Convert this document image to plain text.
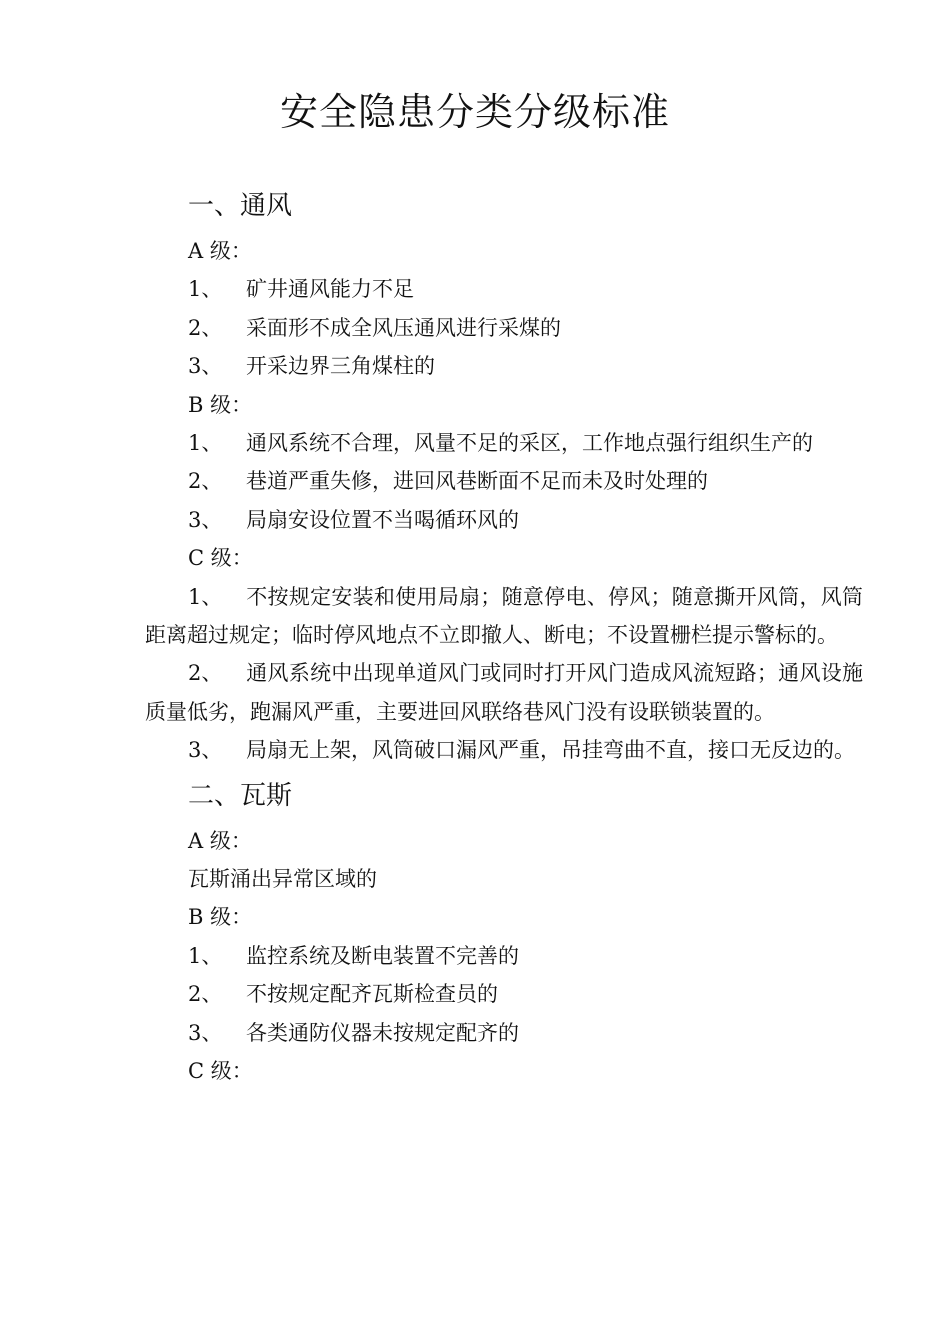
安全隐患分类分级标准
一、通风
A 级：
1、 矿井通风能力不足
2、 采面形不成全风压通风进行采煤的
3、 开采边界三角煤柱的
B 级：
1、 通风系统不合理，风量不足的采区，工作地点强行组织生产的
2、 巷道严重失修，进回风巷断面不足而未及时处理的
3、 局扇安设位置不当喝循环风的
C 级：
1、 不按规定安装和使用局扇；随意停电、停风；随意撕开风筒，风筒距离超过规定；临时停风地点不立即撤人、断电；不设置栅栏提示警标的。
2、 通风系统中出现单道风门或同时打开风门造成风流短路；通风设施质量低劣，跑漏风严重，主要进回风联络巷风门没有设联锁装置的。
3、 局扇无上架，风筒破口漏风严重，吊挂弯曲不直，接口无反边的。
二、瓦斯
A 级：
瓦斯涌出异常区域的
B 级：
1、 监控系统及断电装置不完善的
2、 不按规定配齐瓦斯检查员的
3、 各类通防仪器未按规定配齐的
C 级：
